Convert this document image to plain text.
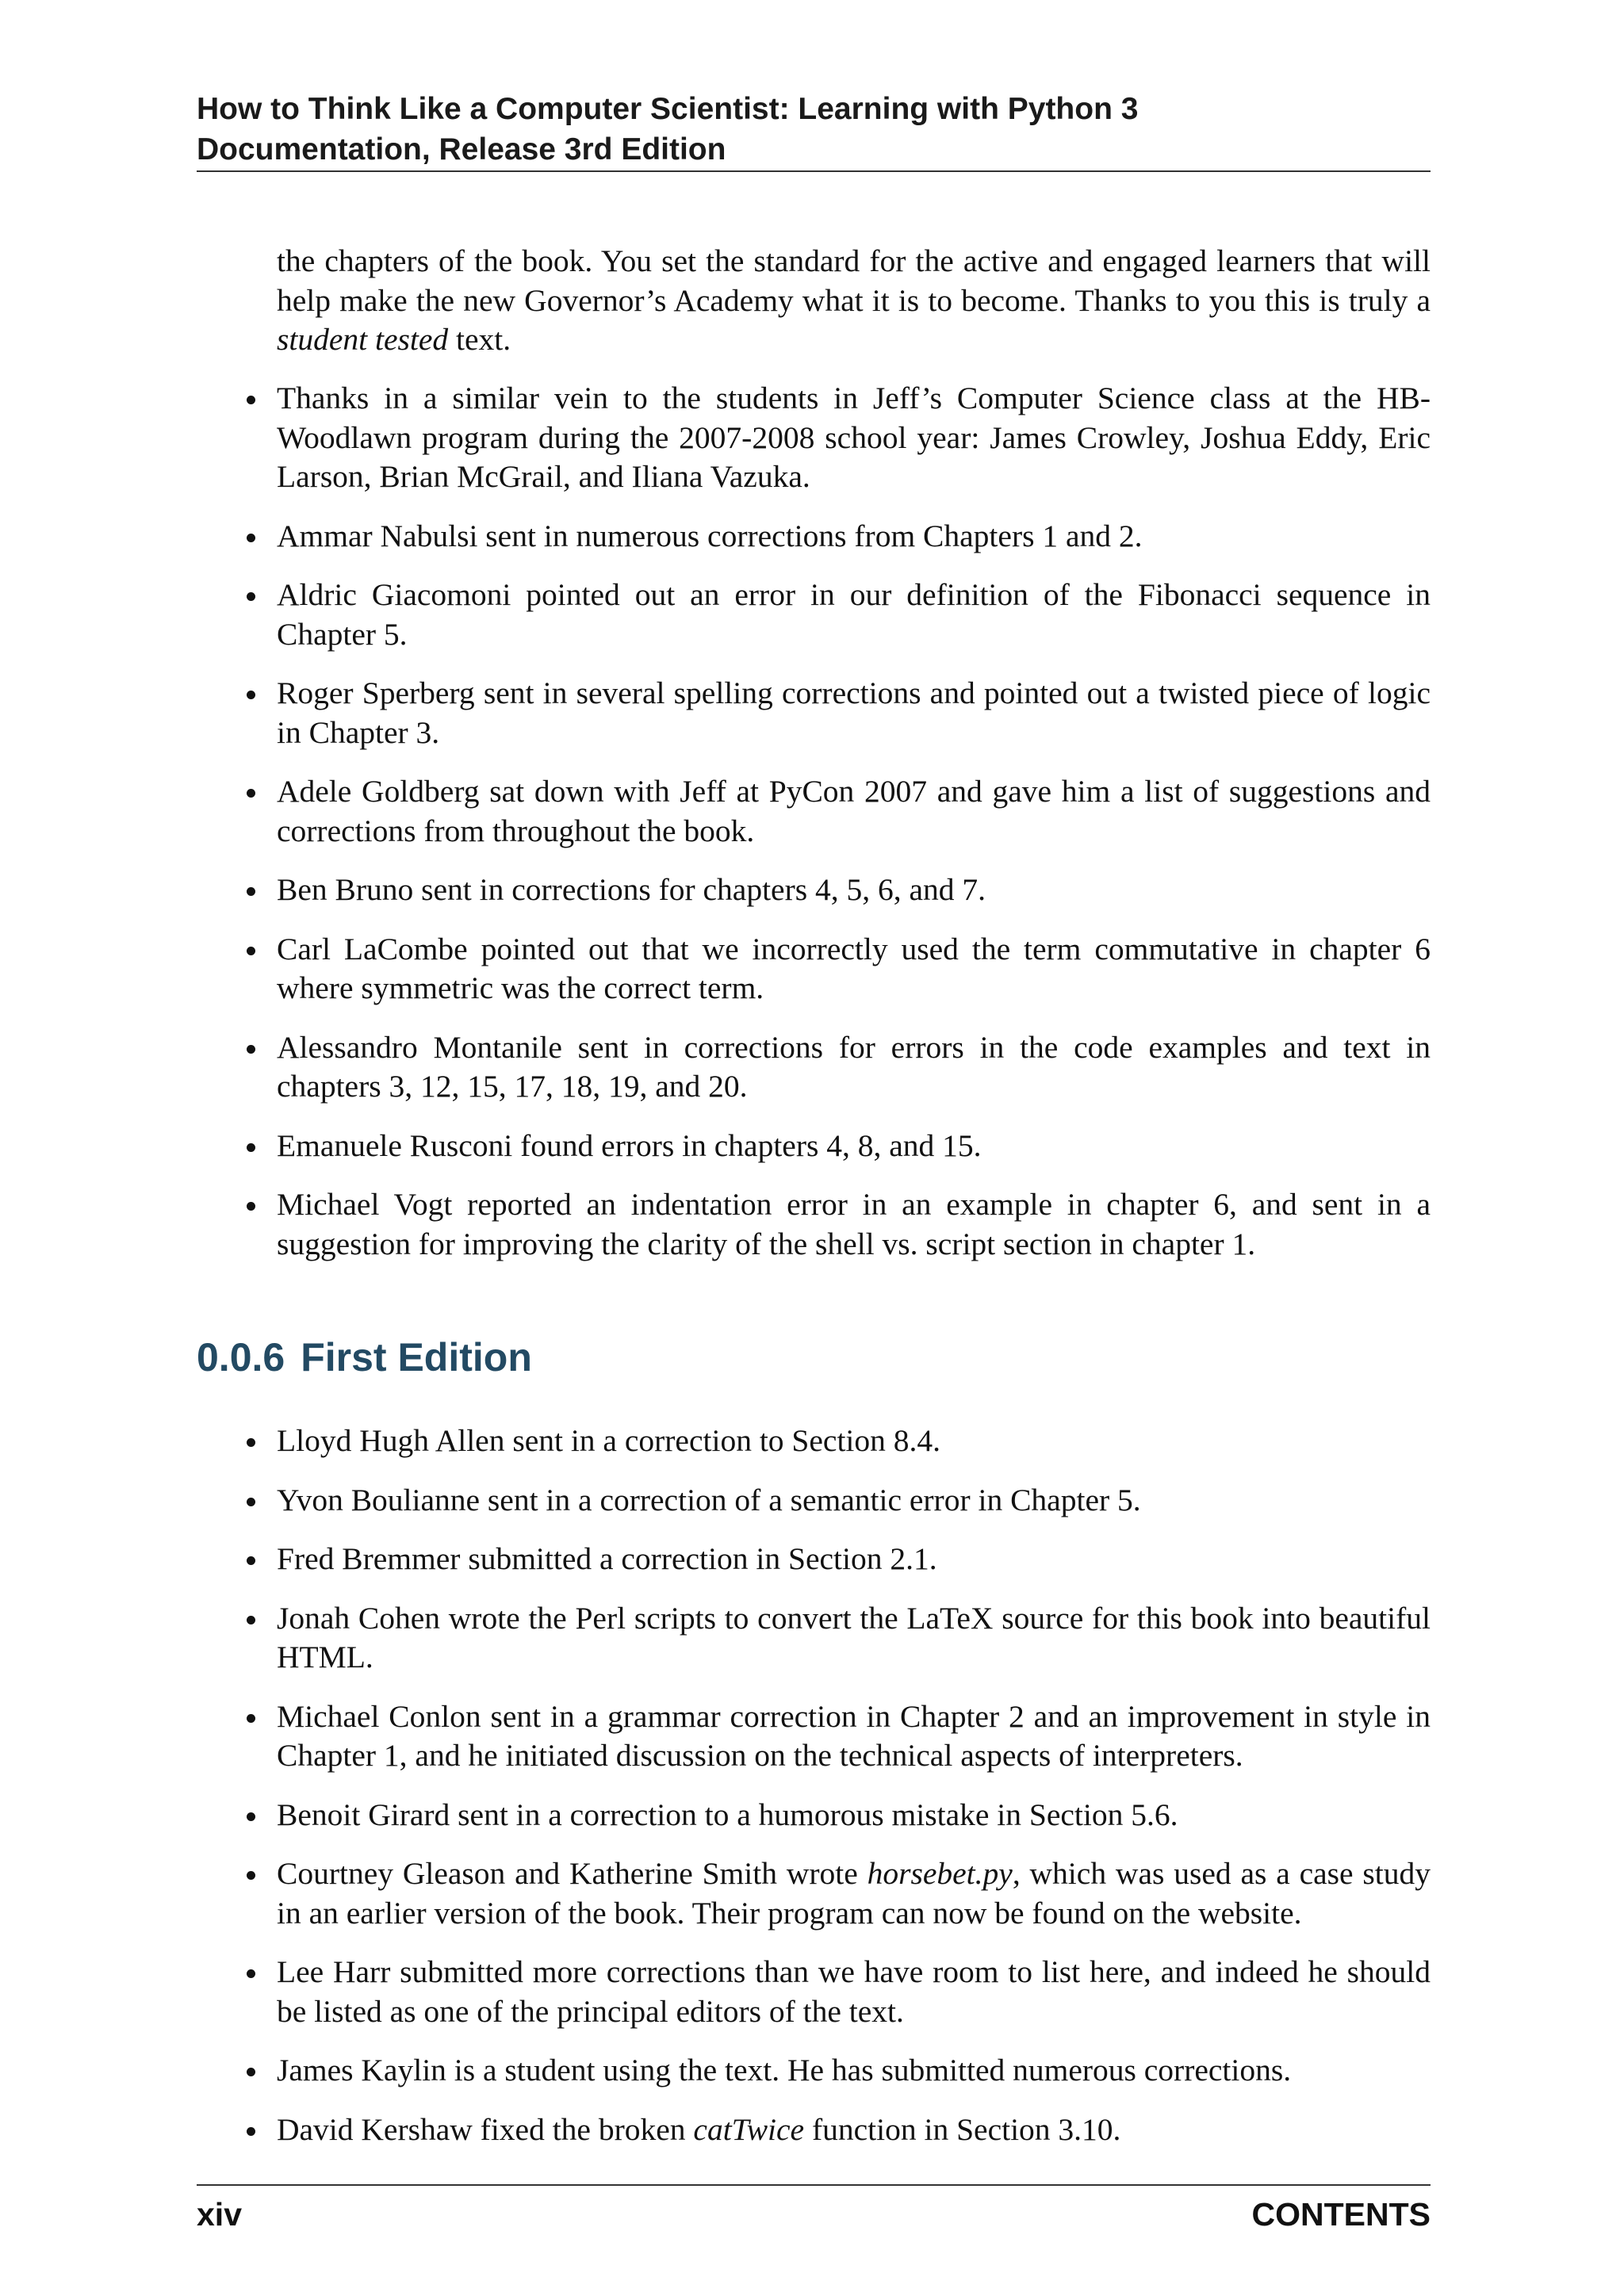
How to Think Like a Computer Scientist: Learning with Python 3
Documentation, Release 3rd Edition

the chapters of the book. You set the standard for the active and engaged learners that will help make the new Governor’s Academy what it is to become. Thanks to you this is truly a student tested text.

Thanks in a similar vein to the students in Jeff’s Computer Science class at the HB-Woodlawn program during the 2007-2008 school year: James Crowley, Joshua Eddy, Eric Larson, Brian McGrail, and Iliana Vazuka.
Ammar Nabulsi sent in numerous corrections from Chapters 1 and 2.
Aldric Giacomoni pointed out an error in our definition of the Fibonacci sequence in Chapter 5.
Roger Sperberg sent in several spelling corrections and pointed out a twisted piece of logic in Chapter 3.
Adele Goldberg sat down with Jeff at PyCon 2007 and gave him a list of suggestions and corrections from throughout the book.
Ben Bruno sent in corrections for chapters 4, 5, 6, and 7.
Carl LaCombe pointed out that we incorrectly used the term commutative in chapter 6 where symmetric was the correct term.
Alessandro Montanile sent in corrections for errors in the code examples and text in chapters 3, 12, 15, 17, 18, 19, and 20.
Emanuele Rusconi found errors in chapters 4, 8, and 15.
Michael Vogt reported an indentation error in an example in chapter 6, and sent in a suggestion for improving the clarity of the shell vs. script section in chapter 1.
0.0.6 First Edition
Lloyd Hugh Allen sent in a correction to Section 8.4.
Yvon Boulianne sent in a correction of a semantic error in Chapter 5.
Fred Bremmer submitted a correction in Section 2.1.
Jonah Cohen wrote the Perl scripts to convert the LaTeX source for this book into beautiful HTML.
Michael Conlon sent in a grammar correction in Chapter 2 and an improvement in style in Chapter 1, and he initiated discussion on the technical aspects of interpreters.
Benoit Girard sent in a correction to a humorous mistake in Section 5.6.
Courtney Gleason and Katherine Smith wrote horsebet.py, which was used as a case study in an earlier version of the book. Their program can now be found on the website.
Lee Harr submitted more corrections than we have room to list here, and indeed he should be listed as one of the principal editors of the text.
James Kaylin is a student using the text. He has submitted numerous corrections.
David Kershaw fixed the broken catTwice function in Section 3.10.
xiv	CONTENTS
